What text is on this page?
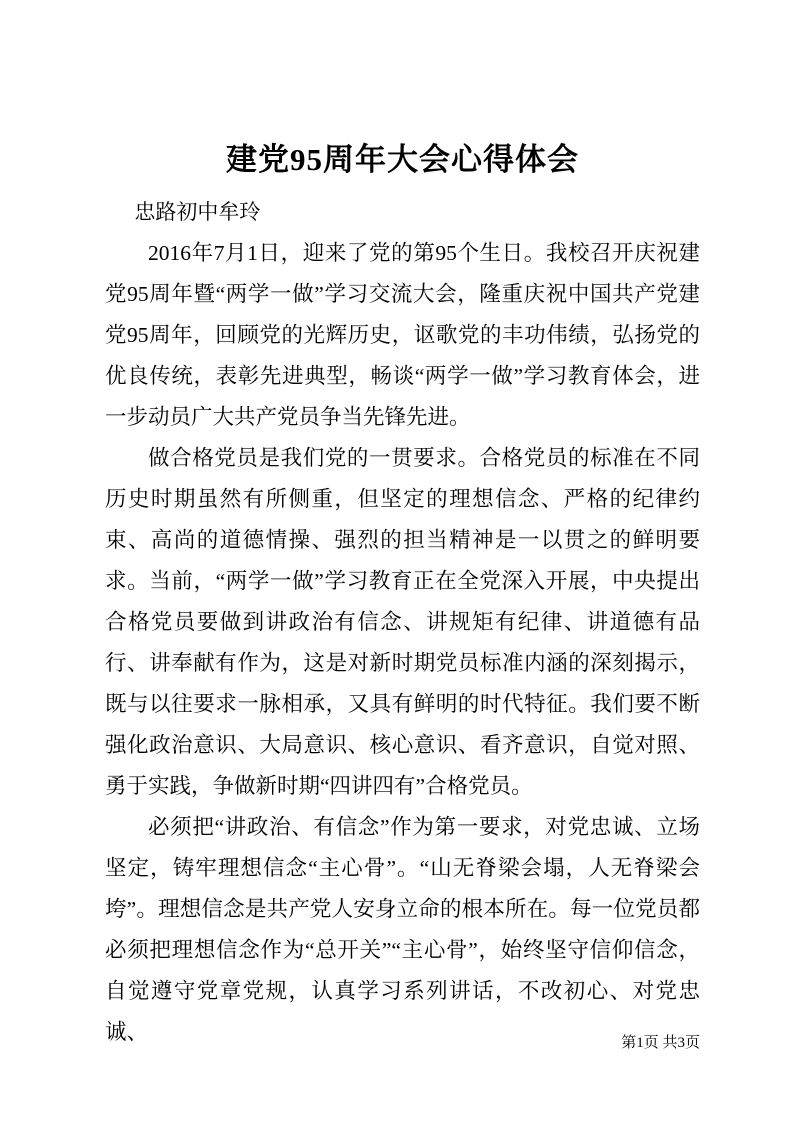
建党95周年大会心得体会

忠路初中牟玲

2016年7月1日，迎来了党的第95个生日。我校召开庆祝建党95周年暨“两学一做”学习交流大会，隆重庆祝中国共产党建党95周年，回顾党的光辉历史，讴歌党的丰功伟绩，弘扬党的优良传统，表彰先进典型，畅谈“两学一做”学习教育体会，进一步动员广大共产党员争当先锋先进。

做合格党员是我们党的一贯要求。合格党员的标准在不同历史时期虽然有所侧重，但坚定的理想信念、严格的纪律约束、高尚的道德情操、强烈的担当精神是一以贯之的鲜明要求。当前，“两学一做”学习教育正在全党深入开展，中央提出合格党员要做到讲政治有信念、讲规矩有纪律、讲道德有品行、讲奉献有作为，这是对新时期党员标准内涵的深刻揭示，既与以往要求一脉相承，又具有鲜明的时代特征。我们要不断强化政治意识、大局意识、核心意识、看齐意识，自觉对照、勇于实践，争做新时期“四讲四有”合格党员。

必须把“讲政治、有信念”作为第一要求，对党忠诚、立场坚定，铸牢理想信念“主心骨”。“山无脊梁会塌，人无脊梁会垮”。理想信念是共产党人安身立命的根本所在。每一位党员都必须把理想信念作为“总开关”“主心骨”，始终坚守信仰信念，自觉遵守党章党规，认真学习系列讲话，不改初心、对党忠诚、	第1页 共3页
